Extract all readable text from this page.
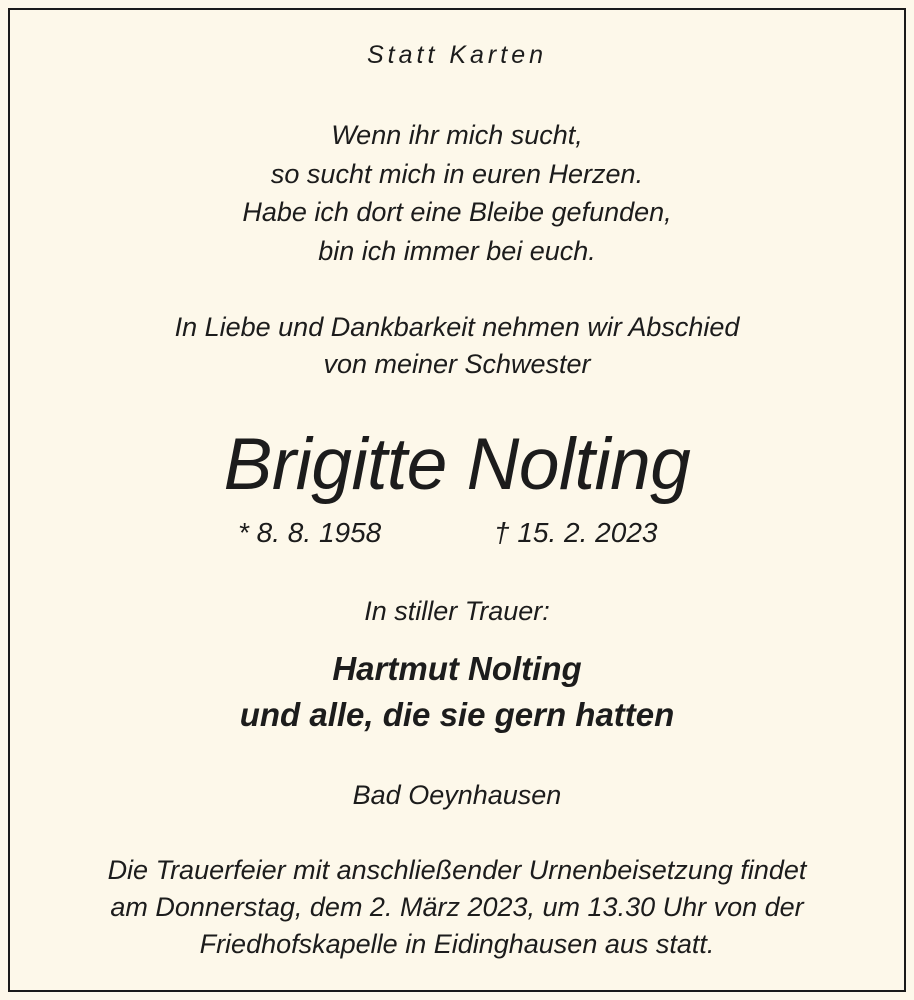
Statt Karten

Wenn ihr mich sucht,
so sucht mich in euren Herzen.
Habe ich dort eine Bleibe gefunden,
bin ich immer bei euch.
In Liebe und Dankbarkeit nehmen wir Abschied
von meiner Schwester
Brigitte Nolting
* 8. 8. 1958	† 15. 2. 2023

In stiller Trauer:

Hartmut Nolting
und alle, die sie gern hatten

Bad Oeynhausen

Die Trauerfeier mit anschließender Urnenbeisetzung findet
am Donnerstag, dem 2. März 2023, um 13.30 Uhr von der
Friedhofskapelle in Eidinghausen aus statt.
